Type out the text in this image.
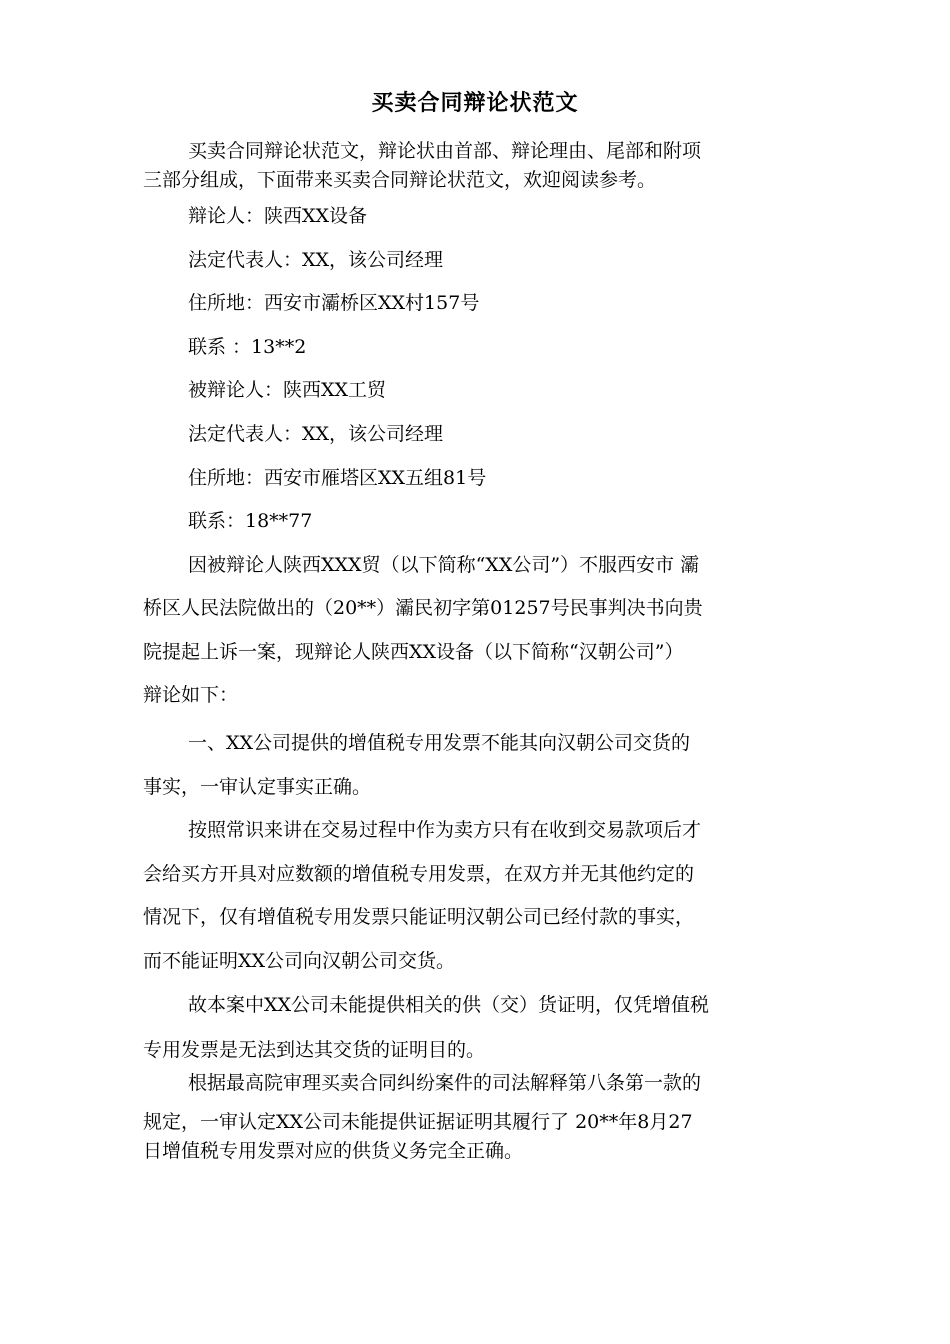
买卖合同辩论状范文
买卖合同辩论状范文，辩论状由首部、辩论理由、尾部和附项
三部分组成，下面带来买卖合同辩论状范文，欢迎阅读参考。
辩论人：陕西XX设备
法定代表人：XX，该公司经理
住所地：西安市灞桥区XX村157号
联系 ：13**2
被辩论人：陕西XX工贸
法定代表人：XX，该公司经理
住所地：西安市雁塔区XX五组81号
联系：18**77
因被辩论人陕西XXX贸（以下简称“XX公司”）不服西安市 灞
桥区人民法院做出的（20**）灞民初字第01257号民事判决书向贵
院提起上诉一案，现辩论人陕西XX设备（以下简称“汉朝公司”）
辩论如下：
一、XX公司提供的增值税专用发票不能其向汉朝公司交货的
事实，一审认定事实正确。
按照常识来讲在交易过程中作为卖方只有在收到交易款项后才
会给买方开具对应数额的增值税专用发票，在双方并无其他约定的
情况下，仅有增值税专用发票只能证明汉朝公司已经付款的事实，
而不能证明XX公司向汉朝公司交货。
故本案中XX公司未能提供相关的供（交）货证明，仅凭增值税
专用发票是无法到达其交货的证明目的。
根据最高院审理买卖合同纠纷案件的司法解释第八条第一款的
规定，一审认定XX公司未能提供证据证明其履行了 20**年8月27
日增值税专用发票对应的供货义务完全正确。
